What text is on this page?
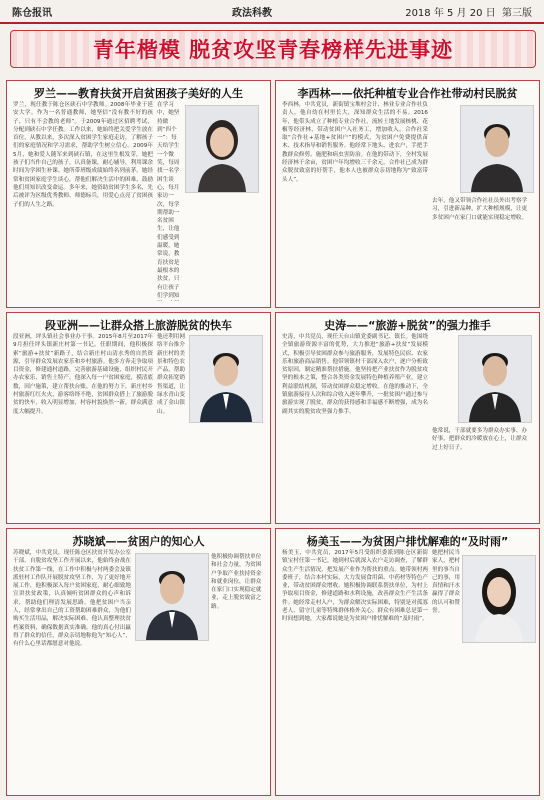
陈仓报讯	政法科教	2018 年 5 月 20 日 第三版
青年楷模 脱贫攻坚青春榜样先进事迹
罗兰——教育扶贫开启贫困孩子美好的人生
罗兰，现任教于陈仓区硖石中学教师。2008年毕业于延安大学。作为一名普通教师，她坚信“没有教不好的孩子，只有不会教的老师”。于2009年通过区招聘考试，分配到硖石中学任教。工作以来，她始终把关爱学生放在首位，从教以来，多次深入贫困学生家庭走访，了解孩子们的家庭情况和学习需求，帮助学生树立信心。2009年5月，她和爱人随军来到硖石镇，在这里生根发芽，她把孩子们当作自己的孩子，认真备课，耐心辅导，利用课余时间为学困生补课。她所带班级成绩始终名列前茅。她经常和贫困家庭学生谈心，帮他们解决生活中的困难，鼓励他们用知识改变命运。多年来，她资助贫困学生多名，先后被评为区级优秀教师、师德标兵，用爱心点亮了贫困孩子们的人生之路。
在学习中，她坚持做到“四个一”：每天给学生一个微笑，每周找一名学困生谈心，每月家访一次，每学期帮助一名贫困生，让他们感受到温暖。她常说，教育扶贫是最根本的扶贫，只有让孩子们学到知
李西林——依托种植专业合作社带动村民脱贫
李西林，中共党员，新街镇宝堆村会计、林业专业合作社负责人。他自幼在村里长大，深知群众生活的不易。2016年，他带头成立了种植专业合作社，流转土地发展核桃、花椒等经济林，带动贫困户入社务工，增加收入。合作社采取“合作社+基地+贫困户”的模式，为贫困户免费提供苗木、技术指导和销售服务。他经常下地头、进农户，手把手教群众修剪、施肥和病虫害防治。在他的带动下，全村发展经济林千余亩，贫困户年均增收三千余元，合作社已成为群众脱贫致富的好帮手，他本人也被群众亲切地称为“致富带头人”。
去年，他又带领合作社社员外出考察学习，引进新品种，扩大种植规模，让更多贫困户在家门口就能实现稳定增收。
段亚洲——让群众搭上旅游脱贫的快车
段亚洲，坪头镇社会事业办干事。2015年8月至2017年9月担任坪头镇新庄村第一书记。任职期间，他积极探索“旅游+扶贫”新路子，结合新庄村山清水秀的自然资源，引导群众发展农家乐和乡村旅游。他多方奔走争取项目资金，修建通村道路，完善旅游基础设施，组织村民开办农家乐、销售土特产。他深入每一户贫困家庭，摸清底数，因户施策，建立帮扶台账。在他的努力下，新庄村乡村旅游红红火火，游客络绎不绝，贫困群众搭上了旅游脱贫的快车，收入明显增加，村容村貌焕然一新，群众满意度大幅提升。
他还利用网络平台推介新庄村的美景和特色农产品，帮助群众拓宽销售渠道，让绿水青山变成了金山银山。
史涛——“旅游+脱贫”的强力推手
史涛，中共党员，现任天台山镇党委副书记、镇长。他围绕全镇旅游资源丰富的优势，大力推进“旅游+扶贫”发展模式，积极引导贫困群众参与旅游服务，发展特色民宿、农家乐和旅游商品销售。他带领镇村干部深入农户，逐户分析致贫原因，制定精准帮扶措施。他坚持把产业扶贫作为脱贫攻坚的根本之策，整合各类资金发展特色种植养殖产业，建立利益联结机制，带动贫困群众稳定增收。在他的推动下，全镇旅游接待人次和综合收入逐年攀升，一批贫困户通过参与旅游实现了脱贫，群众的获得感和幸福感不断增强，成为名副其实的脱贫攻坚强力推手。
他常说，干部就要多为群众办实事、办好事，把群众的冷暖放在心上，让群众过上好日子。
苏晓斌——贫困户的知心人
苏晓斌，中共党员，现任陈仓区扶贫开发办公室干部。自脱贫攻坚工作开展以来，他始终奋战在扶贫工作第一线，在工作中积极与村两委会及镇派驻村工作队开展脱贫攻坚工作，为了更好地开展工作，他积极深入每户贫困家庭，耐心细致地宣讲扶贫政策，认真倾听贫困群众的心声和诉求，帮助他们理清发展思路。他把贫困户当亲人，经常拿出自己的工资帮助困难群众，为他们购买生活用品，解决实际困难。他认真整理扶贫档案资料，确保数据真实准确。他的真心付出赢得了群众的信任，群众亲切地称他为“知心人”，有什么心里话都愿意对他说。
他积极协调帮扶单位和社会力量，为贫困户争取产业扶持资金和就业岗位，让群众在家门口实现稳定就业，走上脱贫致富之路。
杨美玉——为贫困户排忧解难的“及时雨”
杨美玉，中共党员，2017年5月受组织委派到陈仓区新街镇宝村任第一书记。她到村后就深入农户走访调查，了解群众生产生活情况，把发展产业作为帮扶的重点。她带领村两委班子，结合本村实际，大力发展食用菌、中药材等特色产业，带动贫困群众增收。她积极协调联系帮扶单位，为村上争取项目资金，修建道路和水利设施，改善群众生产生活条件。她经常走村入户，为群众解决实际困难，特别是对孤寡老人、留守儿童等特殊群体格外关心。群众有困难总是第一时间想到她，大家都说她是为贫困户排忧解难的“及时雨”。
她把村民当家人，把村里的事当自己的事，用真情和汗水赢得了群众的认可和赞誉。
